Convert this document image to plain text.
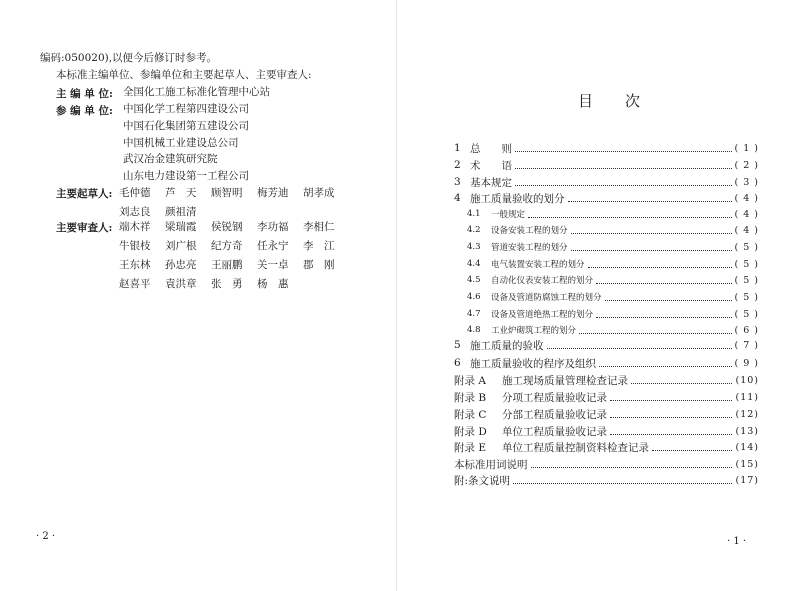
编码:050020),以便今后修订时参考。
本标准主编单位、参编单位和主要起草人、主要审查人:
主 编 单 位: 全国化工施工标准化管理中心站
参 编 单 位: 中国化学工程第四建设公司
中国石化集团第五建设公司
中国机械工业建设总公司
武汉冶金建筑研究院
山东电力建设第一工程公司
主要起草人: 毛仲德	芦　天	顾智明	梅芳迪	胡孝成
刘志良	颜祖清
主要审查人: 端木祥	梁瑞霞	侯锐钢	李功福	李相仁
牛银枝	刘广根	纪方奇	任永宁	李　江
王东林	孙忠亮	王丽鹏	关一卓	郡　刚
赵喜平	袁洪章	张　勇	杨　惠
· 2 ·
目次
1 总　　则	( 1 )
2 术　　语	( 2 )
3 基本规定	( 3 )
4 施工质量验收的划分	( 4 )
4.1	一般规定	( 4 )
4.2	设备安装工程的划分	( 4 )
4.3	管道安装工程的划分	( 5 )
4.4	电气装置安装工程的划分	( 5 )
4.5	自动化仪表安装工程的划分	( 5 )
4.6	设备及管道防腐蚀工程的划分	( 5 )
4.7	设备及管道绝热工程的划分	( 5 )
4.8	工业炉砌筑工程的划分	( 6 )
5 施工质量的验收	( 7 )
6 施工质量验收的程序及组织	( 9 )
附录 A	施工现场质量管理检查记录	(10)
附录 B	分项工程质量验收记录	(11)
附录 C	分部工程质量验收记录	(12)
附录 D	单位工程质量验收记录	(13)
附录 E	单位工程质量控制资料检查记录	(14)
本标准用词说明	(15)
附:条文说明	(17)
· 1 ·
